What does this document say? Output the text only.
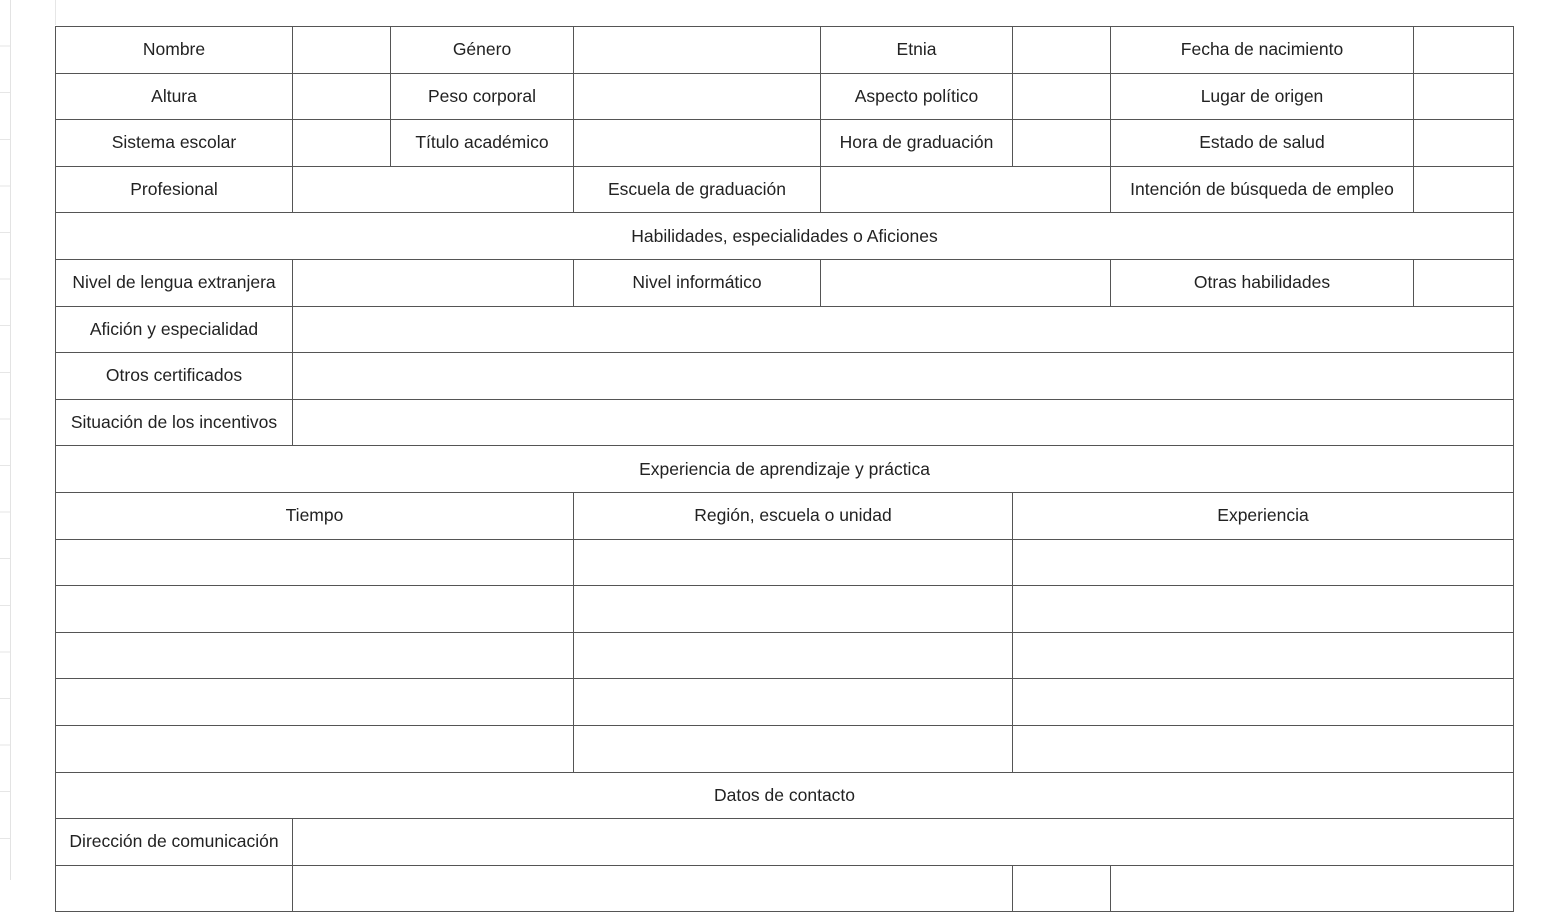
Nombre		Género		Etnia		Fecha de nacimiento	
Altura		Peso corporal		Aspecto político		Lugar de origen	
Sistema escolar		Título académico		Hora de graduación		Estado de salud	
Profesional			Escuela de graduación			Intención de búsqueda de empleo	
Habilidades, especialidades o Aficiones							
Nivel de lengua extranjera			Nivel informático			Otras habilidades	
Afición y especialidad							
Otros certificados							
Situación de los incentivos							
Experiencia de aprendizaje y práctica							
Tiempo			Región, escuela o unidad		Experiencia		

Datos de contacto							
Dirección de comunicación							
